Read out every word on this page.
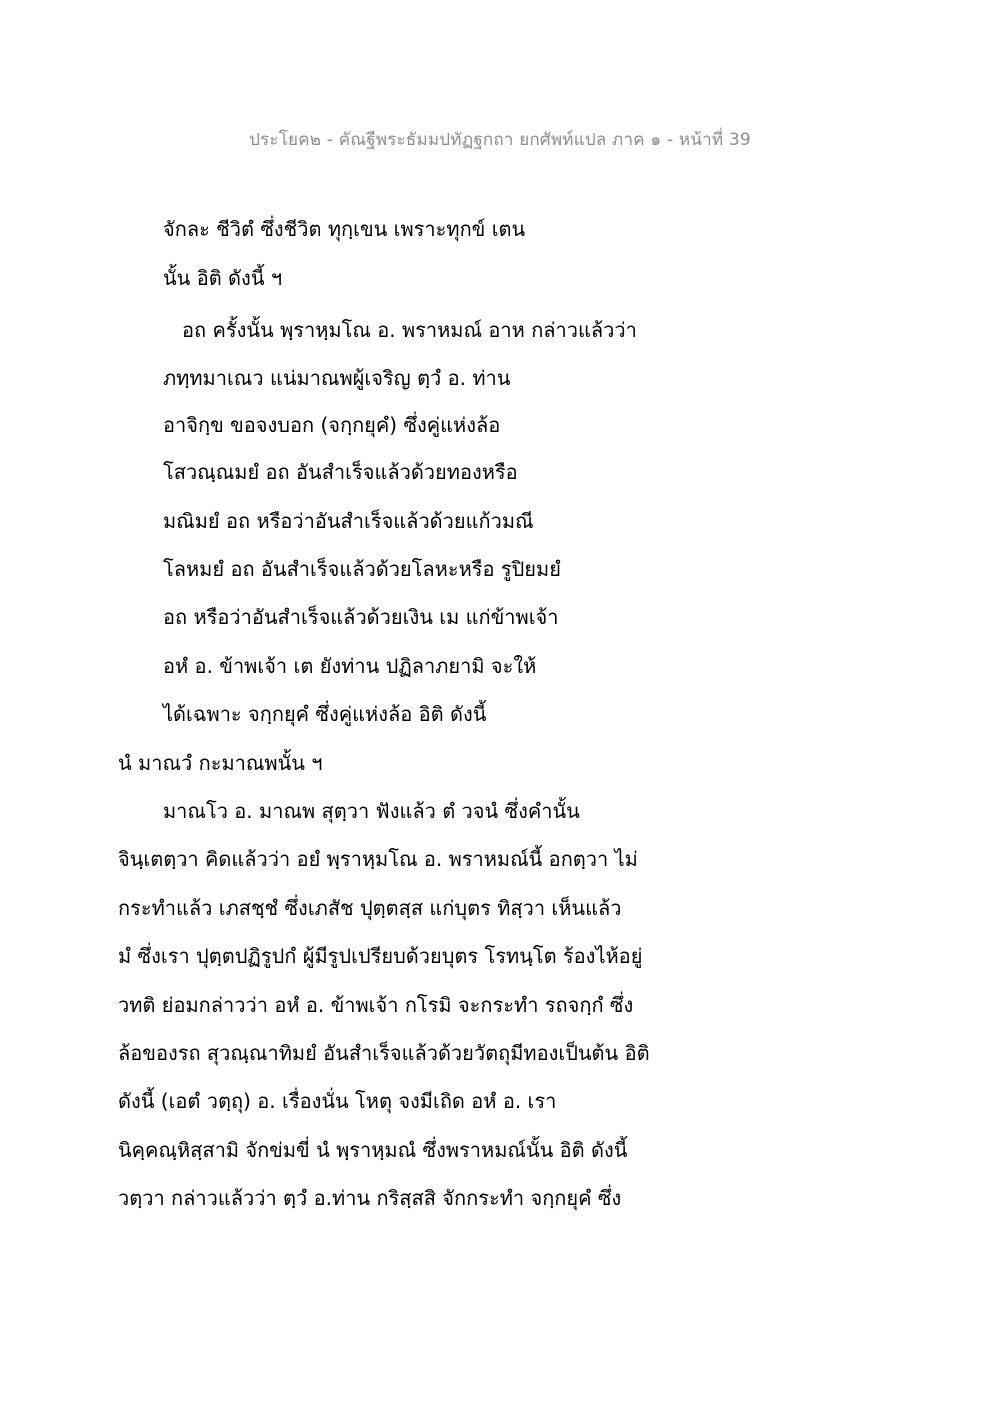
ประโยค๒ - คัณฐีพระธัมมปทัฏฐกถา ยกศัพท์แปล ภาค ๑ - หน้าที่ 39
จักละ ชีวิตํ ซึ่งชีวิต ทุกฺเขน เพราะทุกข์ เตน
นั้น อิติ ดังนี้ ฯ
อถ ครั้งนั้น พฺราหฺมโณ อ. พราหมณ์ อาห กล่าวแล้วว่า
ภทฺทมาเณว แน่มาณพผู้เจริญ ตฺวํ อ. ท่าน
อาจิกฺข ขอจงบอก (จกฺกยุคํ) ซึ่งคู่แห่งล้อ
โสวณฺณมยํ อถ อันสำเร็จแล้วด้วยทองหรือ
มณิมยํ อถ หรือว่าอันสำเร็จแล้วด้วยแก้วมณี
โลหมยํ อถ อันสำเร็จแล้วด้วยโลหะหรือ รูปิยมยํ
อถ หรือว่าอันสำเร็จแล้วด้วยเงิน เม แก่ข้าพเจ้า
อหํ อ. ข้าพเจ้า เต ยังท่าน ปฏิลาภยามิ จะให้
ได้เฉพาะ จกฺกยุคํ ซึ่งคู่แห่งล้อ อิติ ดังนี้
นํ มาณวํ กะมาณพนั้น ฯ
มาณโว อ. มาณพ สุตฺวา ฟังแล้ว ตํ วจนํ ซึ่งคำนั้น
จินฺเตตฺวา คิดแล้วว่า อยํ พฺราหฺมโณ อ. พราหมณ์นี้ อกตฺวา ไม่
กระทำแล้ว เภสชฺชํ ซึ่งเภสัช ปุตฺตสฺส แก่บุตร ทิสฺวา เห็นแล้ว
มํ ซึ่งเรา ปุตฺตปฏิรูปกํ ผู้มีรูปเปรียบด้วยบุตร โรทนฺโต ร้องไห้อยู่
วทติ ย่อมกล่าวว่า อหํ อ. ข้าพเจ้า กโรมิ จะกระทำ รถจกฺกํ ซึ่ง
ล้อของรถ สุวณฺณาทิมยํ อันสำเร็จแล้วด้วยวัตถุมีทองเป็นต้น อิติ
ดังนี้ (เอตํ วตฺถุ) อ. เรื่องนั่น โหตุ จงมีเถิด อหํ อ. เรา
นิคฺคณฺหิสฺสามิ จักข่มขี่ นํ พฺราหฺมณํ ซึ่งพราหมณ์นั้น อิติ ดังนี้
วตฺวา กล่าวแล้วว่า ตฺวํ อ.ท่าน กริสฺสสิ จักกระทำ จกฺกยุคํ ซึ่ง
